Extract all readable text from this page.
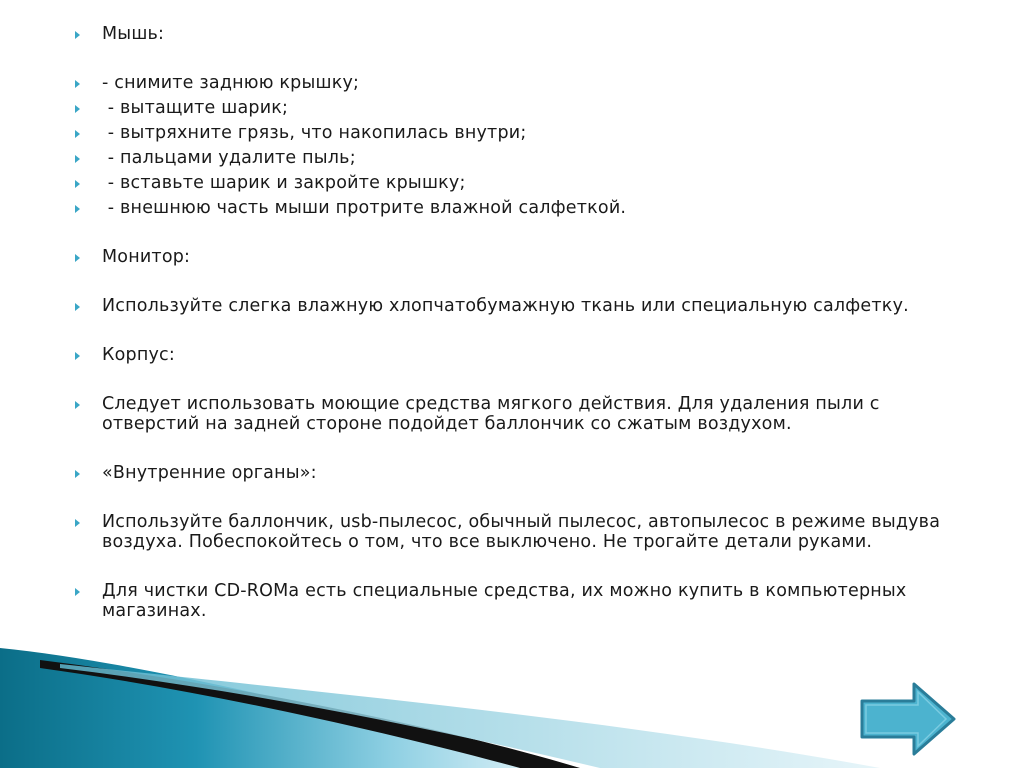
Мышь:
- снимите заднюю крышку;
- вытащите шарик;
- вытряхните грязь, что накопилась внутри;
- пальцами удалите пыль;
- вставьте шарик и закройте крышку;
- внешнюю часть мыши протрите влажной салфеткой.
Монитор:
Используйте слегка влажную хлопчатобумажную ткань или специальную салфетку.
Корпус:
Следует использовать моющие средства мягкого действия. Для удаления пыли с отверстий на задней стороне подойдет баллончик со сжатым воздухом.
«Внутренние органы»:
Используйте баллончик, usb-пылесос, обычный пылесос, автопылесос в режиме выдува воздуха. Побеспокойтесь о том, что все выключено. Не трогайте детали руками.
Для чистки CD-ROMа есть специальные средства, их можно купить в компьютерных магазинах.
